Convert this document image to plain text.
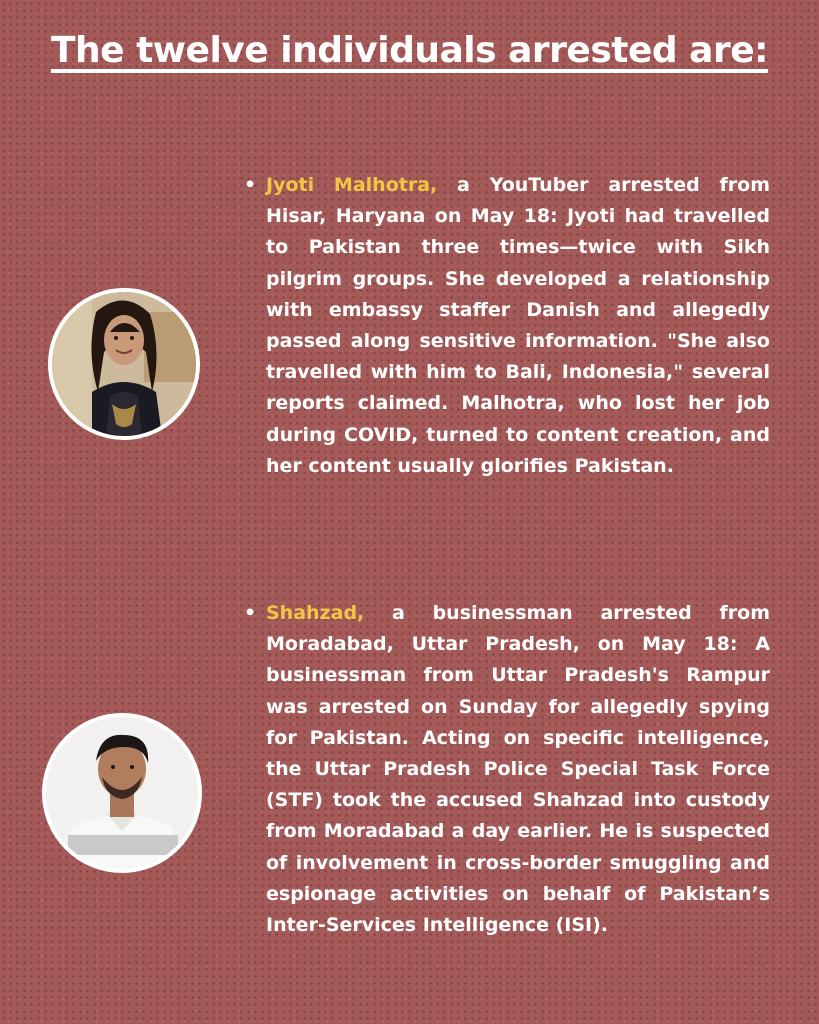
The twelve individuals arrested are:
• Jyoti Malhotra, a YouTuber arrested from Hisar, Haryana on May 18: Jyoti had travelled to Pakistan three times—twice with Sikh pilgrim groups. She developed a relationship with embassy staffer Danish and allegedly passed along sensitive information. "She also travelled with him to Bali, Indonesia," several reports claimed. Malhotra, who lost her job during COVID, turned to content creation, and her content usually glorifies Pakistan.
• Shahzad, a businessman arrested from Moradabad, Uttar Pradesh, on May 18: A businessman from Uttar Pradesh's Rampur was arrested on Sunday for allegedly spying for Pakistan. Acting on specific intelligence, the Uttar Pradesh Police Special Task Force (STF) took the accused Shahzad into custody from Moradabad a day earlier. He is suspected of involvement in cross-border smuggling and espionage activities on behalf of Pakistan’s Inter-Services Intelligence (ISI).
